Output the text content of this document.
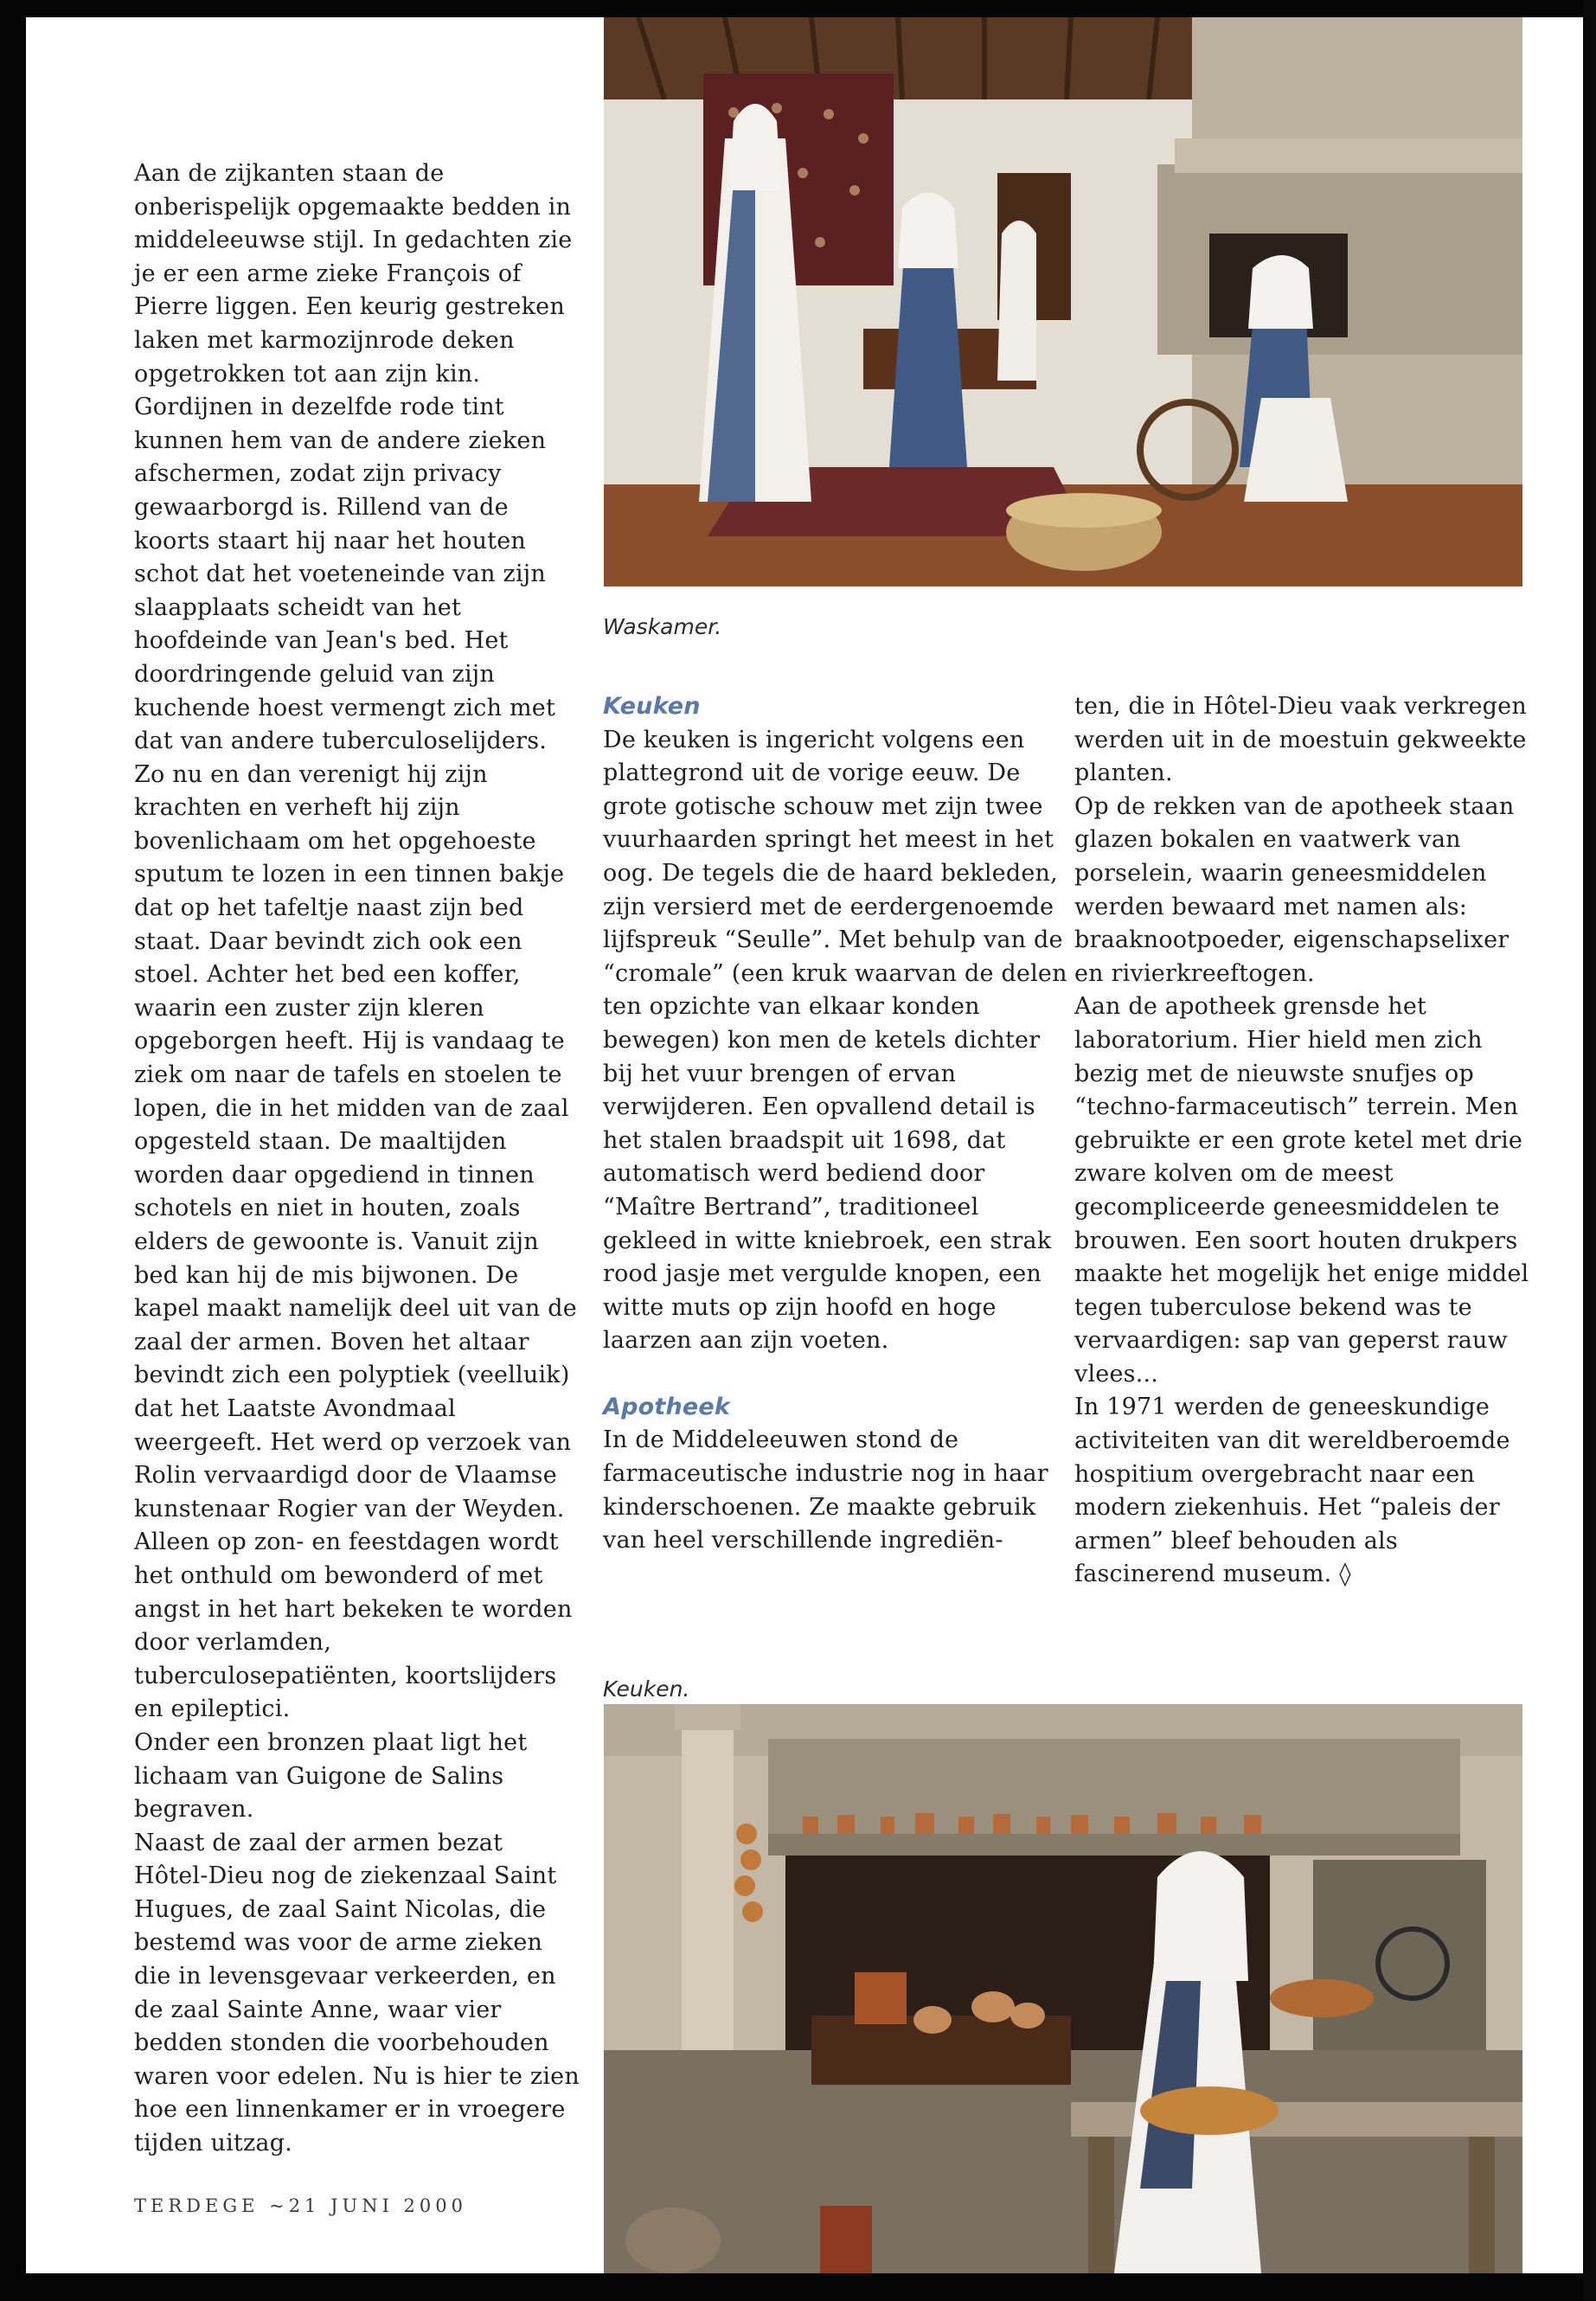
Waskamer.

Aan de zijkanten staan de onberispelijk opgemaakte bedden in middeleeuwse stijl. In gedachten zie je er een arme zieke François of Pierre liggen. Een keurig gestreken laken met karmozijnrode deken opgetrokken tot aan zijn kin. Gordijnen in dezelfde rode tint kunnen hem van de andere zieken afschermen, zodat zijn privacy gewaarborgd is. Rillend van de koorts staart hij naar het houten schot dat het voeteneinde van zijn slaapplaats scheidt van het hoofdeinde van Jean's bed. Het doordringende geluid van zijn kuchende hoest vermengt zich met dat van andere tuberculoselijders. Zo nu en dan verenigt hij zijn krachten en verheft hij zijn bovenlichaam om het opgehoeste sputum te lozen in een tinnen bakje dat op het tafeltje naast zijn bed staat. Daar bevindt zich ook een stoel. Achter het bed een koffer, waarin een zuster zijn kleren opgeborgen heeft. Hij is vandaag te ziek om naar de tafels en stoelen te lopen, die in het midden van de zaal opgesteld staan. De maaltijden worden daar opgediend in tinnen schotels en niet in houten, zoals elders de gewoonte is. Vanuit zijn bed kan hij de mis bijwonen. De kapel maakt namelijk deel uit van de zaal der armen. Boven het altaar bevindt zich een polyptiek (veelluik) dat het Laatste Avondmaal weergeeft. Het werd op verzoek van Rolin vervaardigd door de Vlaamse kunstenaar Rogier van der Weyden. Alleen op zon- en feestdagen wordt het onthuld om bewonderd of met angst in het hart bekeken te worden door verlamden, tuberculosepatiënten, koortslijders en epileptici.

Onder een bronzen plaat ligt het lichaam van Guigone de Salins begraven.

Naast de zaal der armen bezat Hôtel-Dieu nog de ziekenzaal Saint Hugues, de zaal Saint Nicolas, die bestemd was voor de arme zieken die in levensgevaar verkeerden, en de zaal Sainte Anne, waar vier bedden stonden die voorbehouden waren voor edelen. Nu is hier te zien hoe een linnenkamer er in vroegere tijden uitzag.

Keuken

De keuken is ingericht volgens een plattegrond uit de vorige eeuw. De grote gotische schouw met zijn twee vuurhaarden springt het meest in het oog. De tegels die de haard bekleden, zijn versierd met de eerdergenoemde lijfspreuk “Seulle”. Met behulp van de “cromale” (een kruk waarvan de delen ten opzichte van elkaar konden bewegen) kon men de ketels dichter bij het vuur brengen of ervan verwijderen. Een opvallend detail is het stalen braadspit uit 1698, dat automatisch werd bediend door “Maître Bertrand”, traditioneel gekleed in witte kniebroek, een strak rood jasje met vergulde knopen, een witte muts op zijn hoofd en hoge laarzen aan zijn voeten.

Apotheek

In de Middeleeuwen stond de farmaceutische industrie nog in haar kinderschoenen. Ze maakte gebruik van heel verschillende ingrediën-

ten, die in Hôtel-Dieu vaak verkregen werden uit in de moestuin gekweekte planten.

Op de rekken van de apotheek staan glazen bokalen en vaatwerk van porselein, waarin geneesmiddelen werden bewaard met namen als: braaknootpoeder, eigenschapselixer en rivierkreeftogen.

Aan de apotheek grensde het laboratorium. Hier hield men zich bezig met de nieuwste snufjes op “techno-farmaceutisch” terrein. Men gebruikte er een grote ketel met drie zware kolven om de meest gecompliceerde geneesmiddelen te brouwen. Een soort houten drukpers maakte het mogelijk het enige middel tegen tuberculose bekend was te vervaardigen: sap van geperst rauw vlees...

In 1971 werden de geneeskundige activiteiten van dit wereldberoemde hospitium overgebracht naar een modern ziekenhuis. Het “paleis der armen” bleef behouden als fascinerend museum. ◊

Keuken.
TERDEGE ~21 JUNI 2000
